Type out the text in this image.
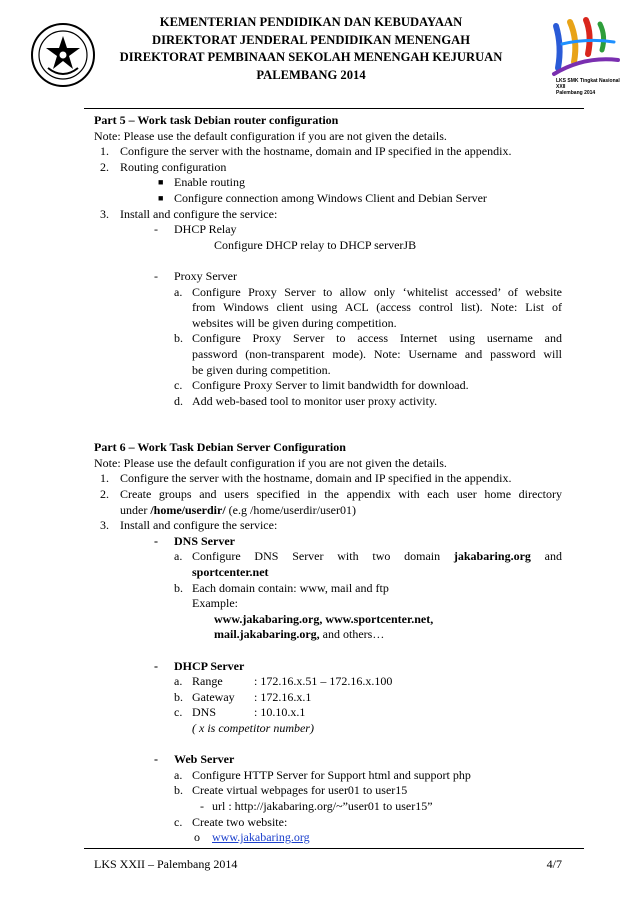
KEMENTERIAN PENDIDIKAN DAN KEBUDAYAAN
DIREKTORAT JENDERAL PENDIDIKAN MENENGAH
DIREKTORAT PEMBINAAN SEKOLAH MENENGAH KEJURUAN
PALEMBANG 2014	LKS SMK Tingkat Nasional XXII
Palembang 2014
Part 5 – Work task Debian router configuration
Note: Please use the default configuration if you are not given the details.
1. Configure the server with the hostname, domain and IP specified in the appendix.
2. Routing configuration
■ Enable routing
■ Configure connection among Windows Client and Debian Server
3. Install and configure the service:
- DHCP Relay
Configure DHCP relay to DHCP serverJB
- Proxy Server
a. Configure Proxy Server to allow only ‘whitelist accessed’ of website
from Windows client using ACL (access control list). Note: List of
websites will be given during competition.
b. Configure Proxy Server to access Internet using username and
password (non-transparent mode). Note: Username and password will
be given during competition.
c. Configure Proxy Server to limit bandwidth for download.
d. Add web-based tool to monitor user proxy activity.
Part 6 – Work Task Debian Server Configuration
Note: Please use the default configuration if you are not given the details.
1. Configure the server with the hostname, domain and IP specified in the appendix.
2. Create groups and users specified in the appendix with each user home directory
under /home/userdir/ (e.g /home/userdir/user01)
3. Install and configure the service:
- DNS Server
a. Configure DNS Server with two domain jakabaring.org and
sportcenter.net
b. Each domain contain: www, mail and ftp
Example:
www.jakabaring.org, www.sportcenter.net,
mail.jakabaring.org, and others…
- DHCP Server
a. Range	: 172.16.x.51 – 172.16.x.100
b. Gateway : 172.16.x.1
c. DNS	: 10.10.x.1
( x is competitor number)
- Web Server
a. Configure HTTP Server for Support html and support php
b. Create virtual webpages for user01 to user15
- url : http://jakabaring.org/~”user01 to user15”
c. Create two website:
o www.jakabaring.org
LKS XXII – Palembang 2014	4/7
